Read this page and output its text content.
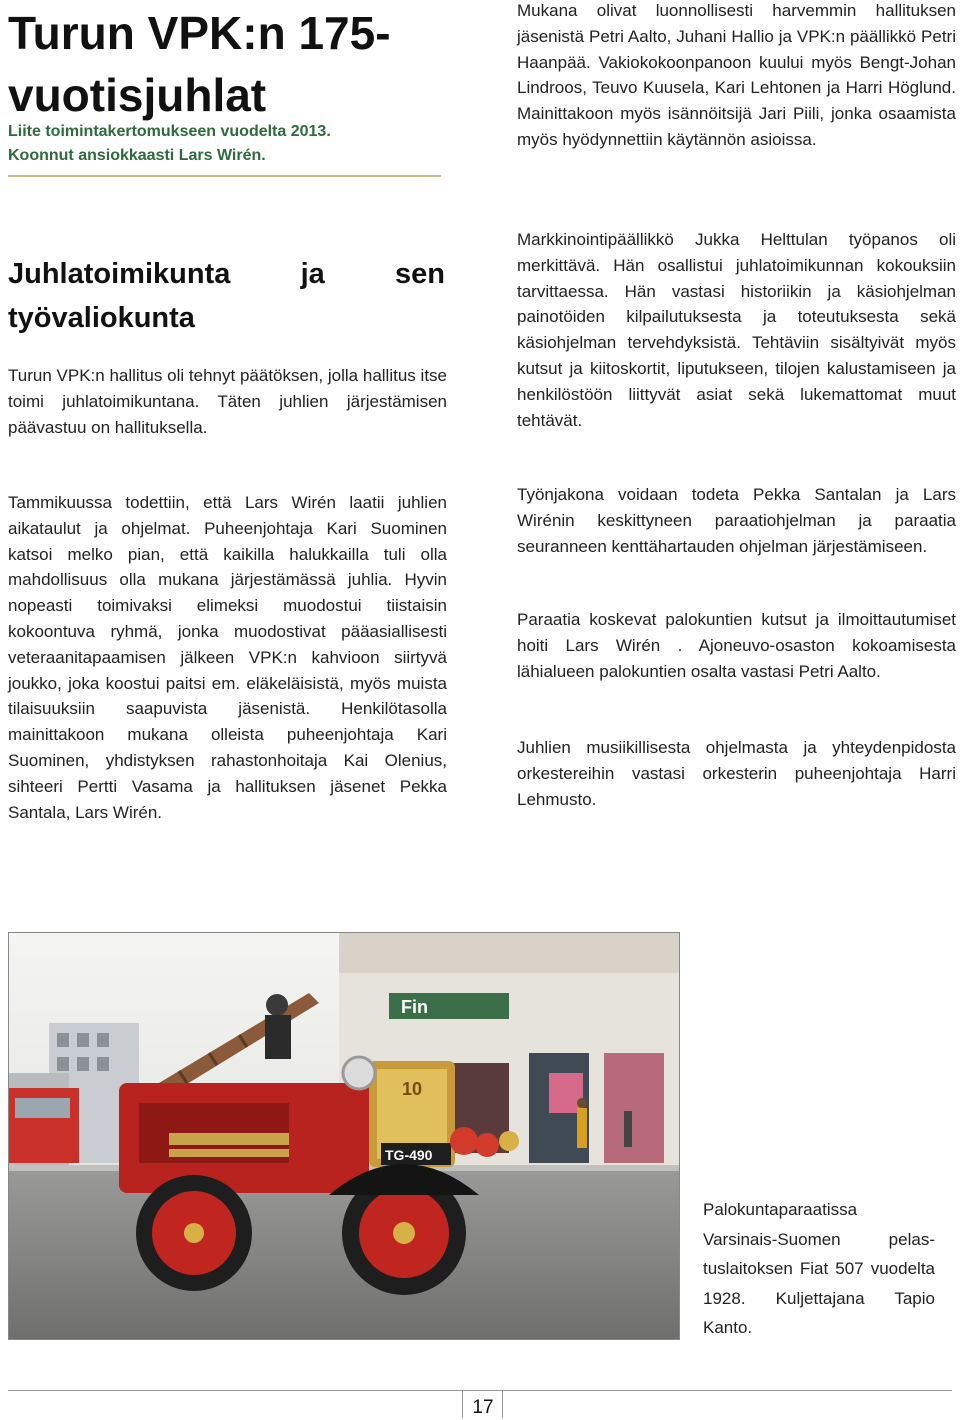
Turun VPK:n 175-vuotisjuhlat
Liite toimintakertomukseen vuodelta 2013.
Koonnut ansiokkaasti Lars Wirén.
Juhlatoimikunta ja sen työvaliokunta

Turun VPK:n hallitus oli tehnyt päätöksen, jolla hallitus itse toimi juhlatoimikuntana. Täten juhlien järjestämisen päävastuu on hallituksella.

Tammikuussa todettiin, että Lars Wirén laatii juhlien aikataulut ja ohjelmat. Puheenjohtaja Kari Suominen katsoi melko pian, että kaikilla halukkailla tuli olla mahdollisuus olla mukana järjestämässä juhlia. Hyvin nopeasti toimivaksi elimeksi muodostui tiistaisin kokoontuva ryhmä, jonka muodostivat pääasiallisesti veteraanitapaamisen jälkeen VPK:n kahvioon siirtyvä joukko, joka koostui paitsi em. eläkeläisistä, myös muista tilaisuuksiin saapuvista jäsenistä. Henkilötasolla mainittakoon mukana olleista puheenjohtaja Kari Suominen, yhdistyksen rahastonhoitaja Kai Olenius, sihteeri Pertti Vasama ja hallituksen jäsenet Pekka Santala, Lars Wirén.

Mukana olivat luonnollisesti harvemmin hallituksen jäsenistä Petri Aalto, Juhani Hallio ja VPK:n päällikkö Petri Haanpää. Vakiokokoonpanoon kuului myös Bengt-Johan Lindroos, Teuvo Kuusela, Kari Lehtonen ja Harri Höglund. Mainittakoon myös isännöitsijä Jari Piili, jonka osaamista myös hyödynnettiin käytännön asioissa.

Markkinointipäällikkö Jukka Helttulan työpanos oli merkittävä. Hän osallistui juhlatoimikunnan kokouksiin tarvittaessa. Hän vastasi historiikin ja käsiohjelman painotöiden kilpailutuksesta ja toteutuksesta sekä käsiohjelman tervehdyksistä. Tehtäviin sisältyivät myös kutsut ja kiitoskortit, liputukseen, tilojen kalustamiseen ja henkilöstöön liittyvät asiat sekä lukemattomat muut tehtävät.

Työnjakona voidaan todeta Pekka Santalan ja Lars Wirénin keskittyneen paraatiohjelman ja paraatia seuranneen kenttähartauden ohjelman järjestämiseen.

Paraatia koskevat palokuntien kutsut ja ilmoittautumiset hoiti Lars Wirén . Ajoneuvo-osaston kokoamisesta lähialueen palokuntien osalta vastasi Petri Aalto.

Juhlien musiikillisesta ohjelmasta ja yhteydenpidosta orkestereihin vastasi orkesterin puheenjohtaja Harri Lehmusto.

Fin
10
TG-490

Palokuntaparaatissa Varsinais-Suomen pelastuslaitoksen Fiat 507 vuodelta 1928. Kuljettajana Tapio Kanto.

17
